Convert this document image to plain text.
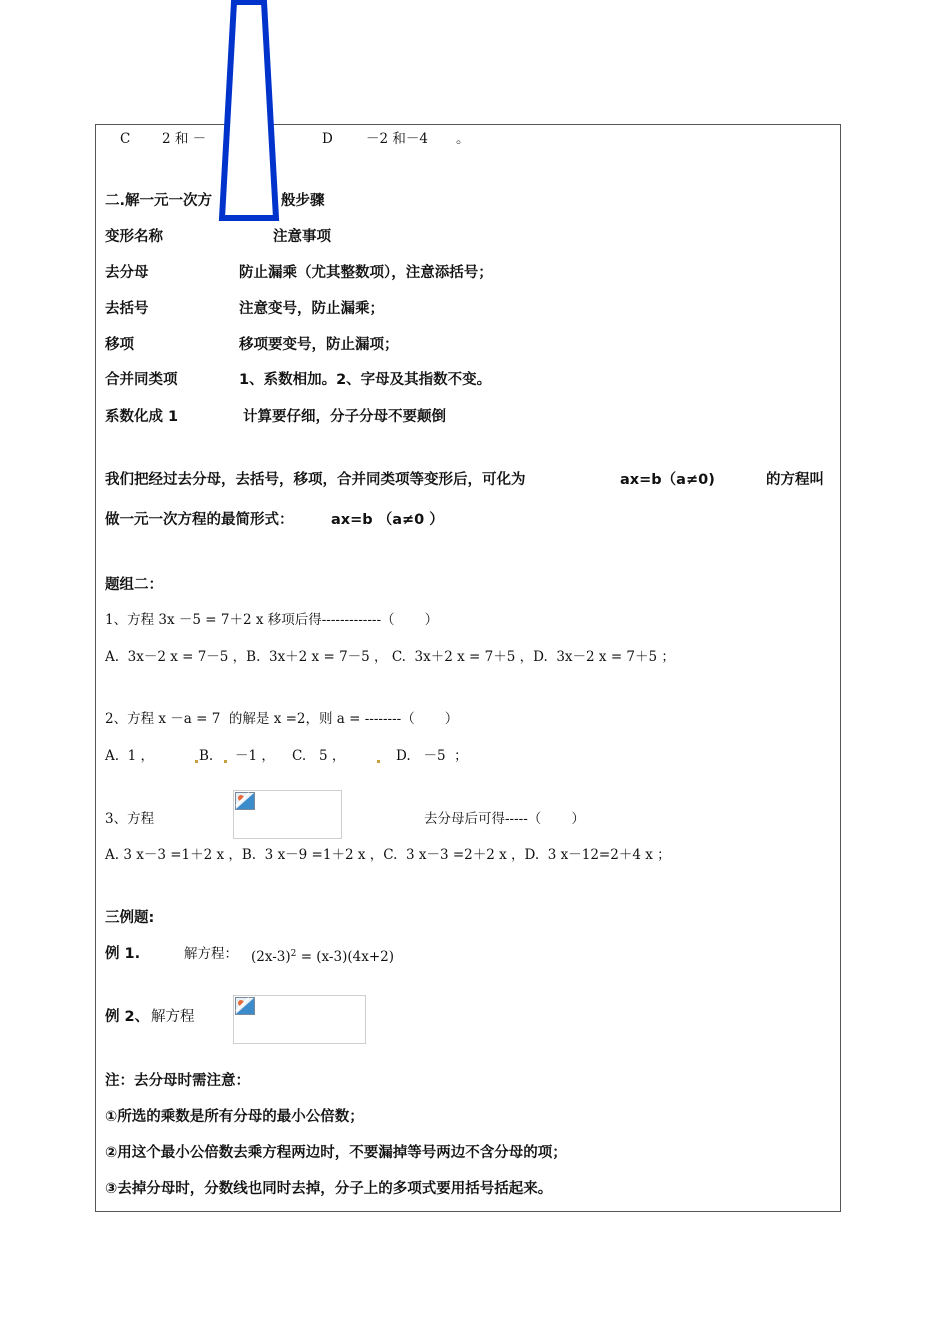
C 2 和 －	D －2 和－4 。
二.解一元一次方	般步骤
变形名称	注意事项
去分母	防止漏乘（尤其整数项），注意添括号；
去括号	注意变号，防止漏乘；
移项	移项要变号，防止漏项；
合并同类项	1、系数相加。2、字母及其指数不变。
系数化成 1	计算要仔细，分子分母不要颠倒
我们把经过去分母，去括号，移项，合并同类项等变形后，可化为	ax=b（a≠0)	的方程叫
做一元一次方程的最简形式：	ax=b （a≠0 ）
题组二：
1、方程 3x －5 = 7＋2 x 移项后得-------------（       ）
A.  3x－2 x = 7－5 ，B.  3x＋2 x = 7－5 ， C.  3x＋2 x = 7＋5 ，D.  3x－2 x = 7＋5 ；
2、方程 x －a = 7  的解是 x =2，则 a = --------（       ）
A.  1 ，	B. －1 ， C.   5 ，	D.   －5  ；
3、方程	去分母后可得-----（       ）
A. 3 x－3 =1＋2 x ，B.  3 x－9 =1＋2 x ，C.  3 x－3 =2＋2 x ，D.  3 x－12=2＋4 x ；
三例题:
例 1.	解方程： $(2x-3)^2 = (x-3)(4x+2)$
例 2、 解方程
注：去分母时需注意：
①所选的乘数是所有分母的最小公倍数；
②用这个最小公倍数去乘方程两边时，不要漏掉等号两边不含分母的项；
③去掉分母时，分数线也同时去掉，分子上的多项式要用括号括起来。
